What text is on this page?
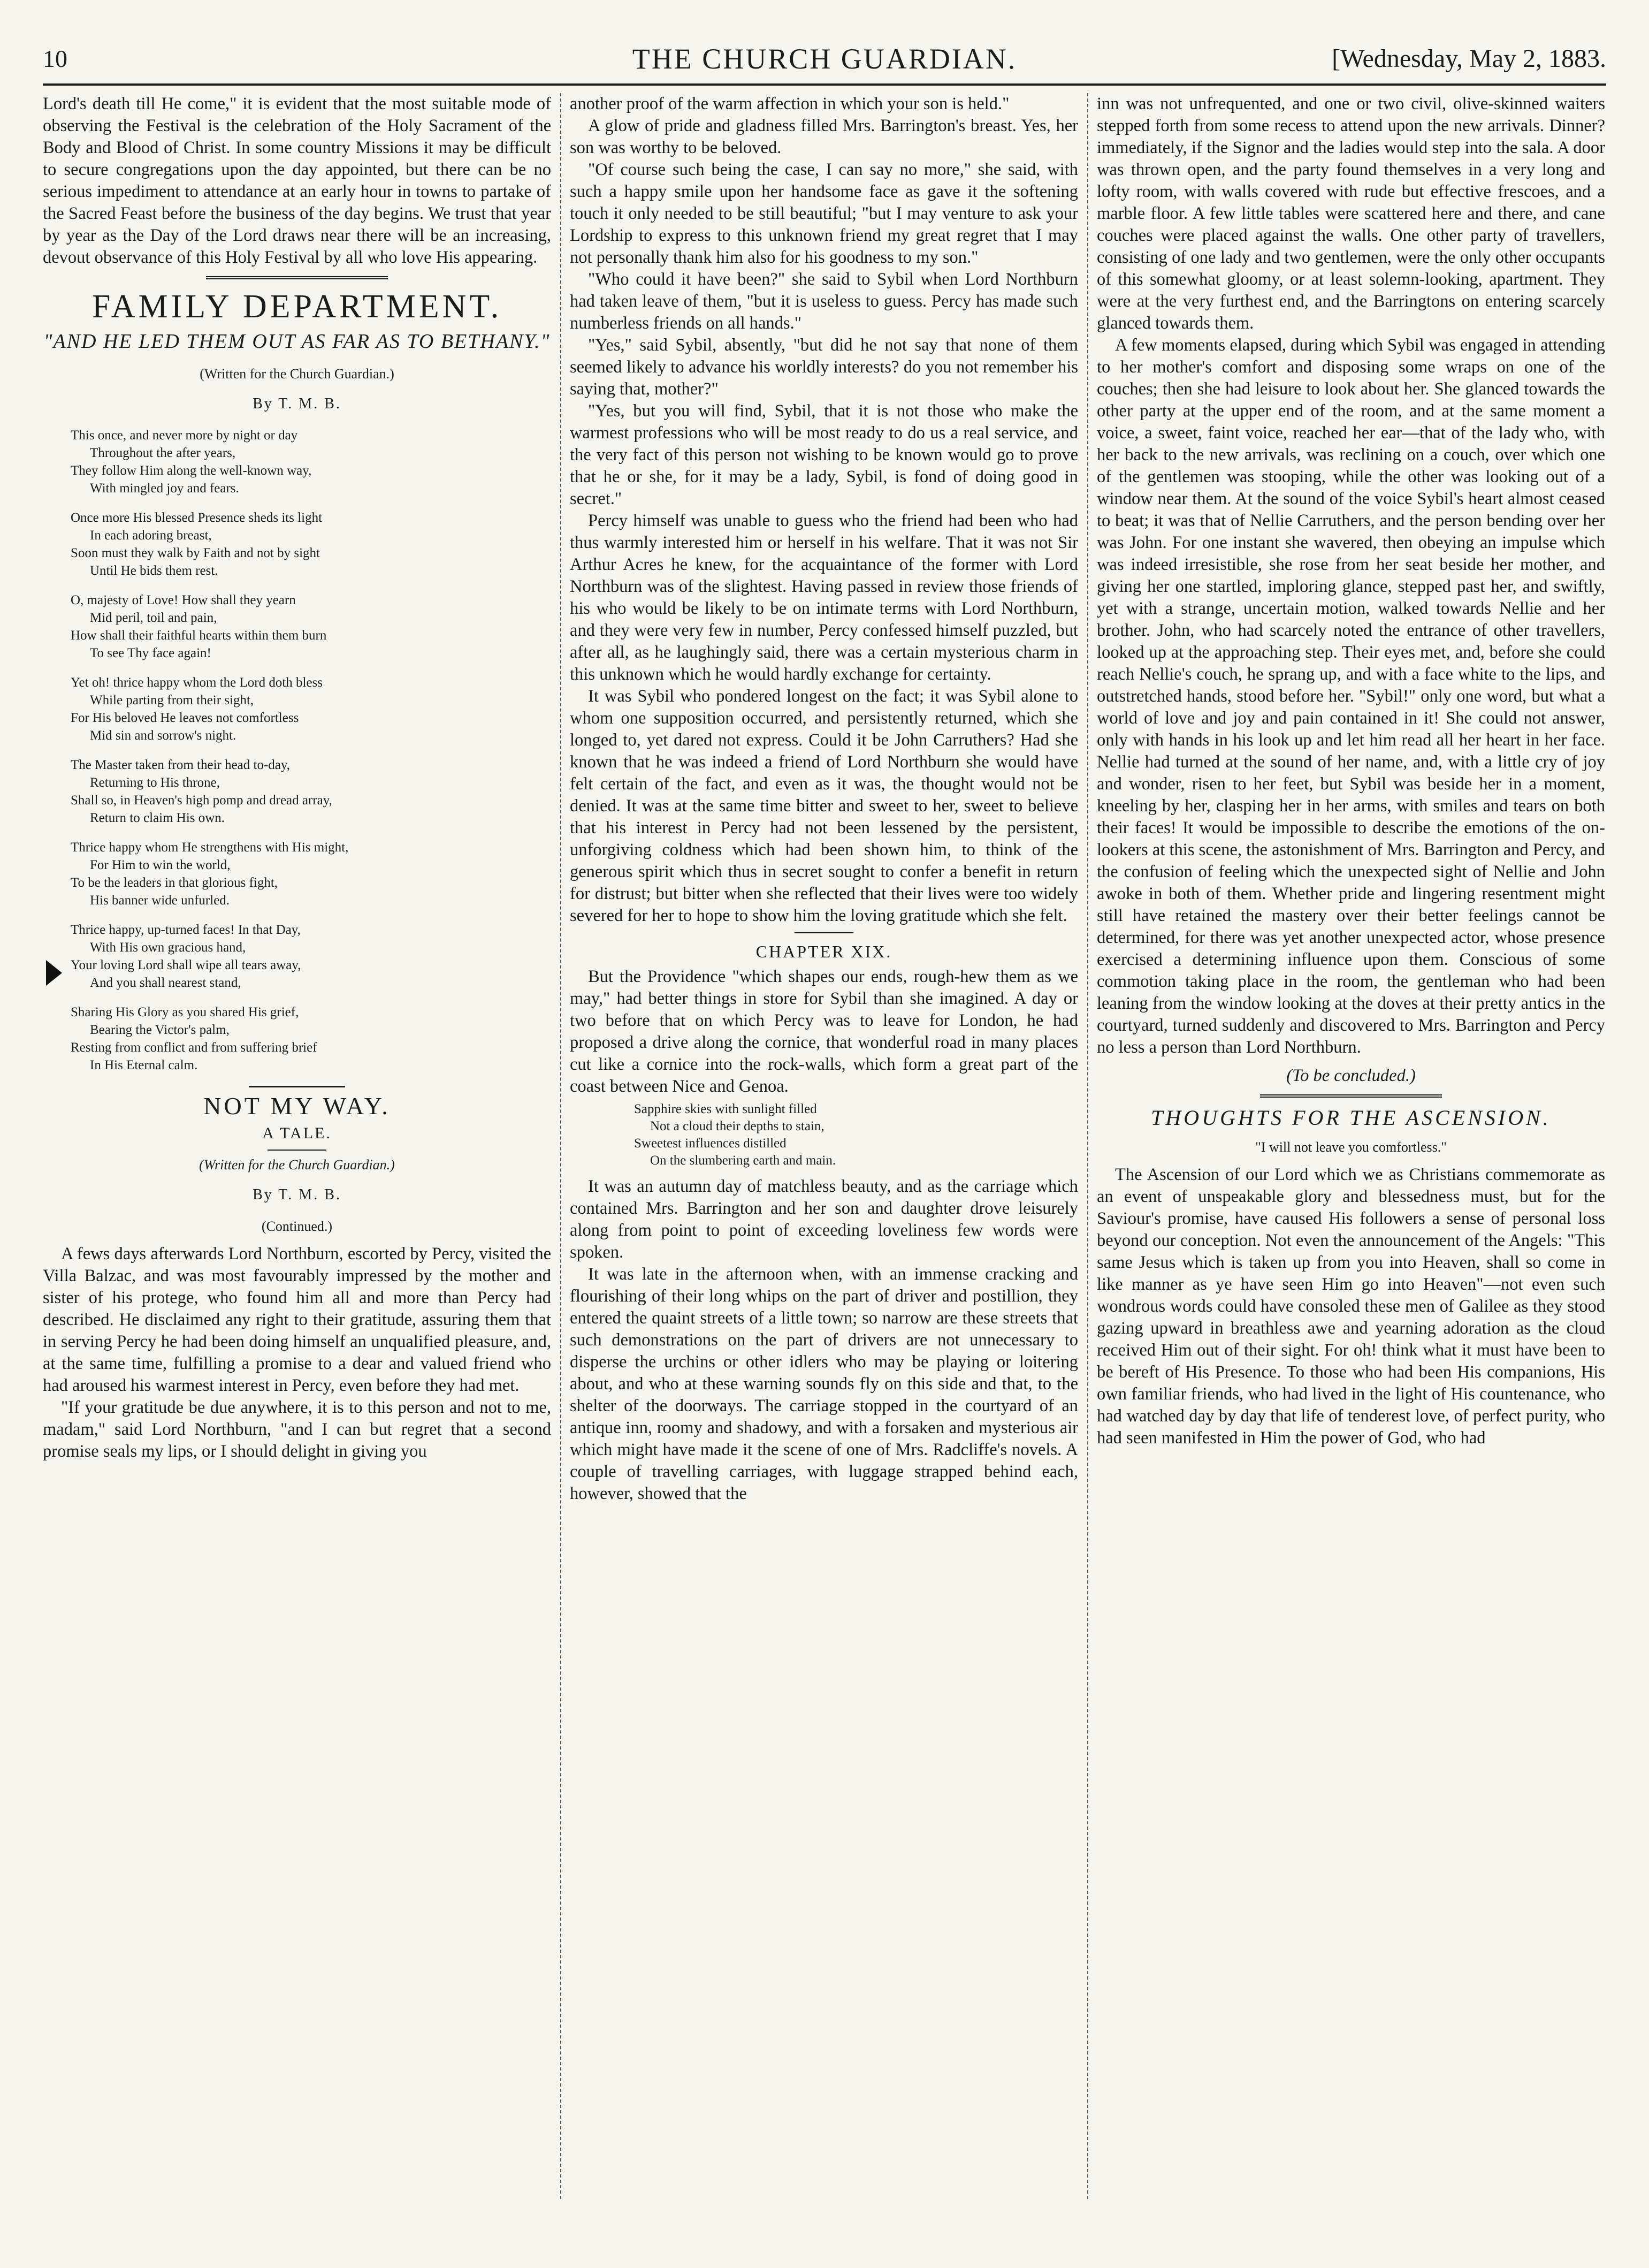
10	THE CHURCH GUARDIAN.	[Wednesday, May 2, 1883.

Lord's death till He come," it is evident that the most suitable mode of observing the Festival is the celebration of the Holy Sacrament of the Body and Blood of Christ. In some country Missions it may be difficult to secure congregations upon the day appointed, but there can be no serious impediment to attendance at an early hour in towns to partake of the Sacred Feast before the business of the day begins. We trust that year by year as the Day of the Lord draws near there will be an increasing, devout observance of this Holy Festival by all who love His appearing.

FAMILY DEPARTMENT.
"AND HE LED THEM OUT AS FAR AS TO BETHANY."
(Written for the Church Guardian.)
By T. M. B.
This once, and never more by night or day
Throughout the after years,
They follow Him along the well-known way,
With mingled joy and fears.
Once more His blessed Presence sheds its light
In each adoring breast,
Soon must they walk by Faith and not by sight
Until He bids them rest.
O, majesty of Love! How shall they yearn
Mid peril, toil and pain,
How shall their faithful hearts within them burn
To see Thy face again!
Yet oh! thrice happy whom the Lord doth bless
While parting from their sight,
For His beloved He leaves not comfortless
Mid sin and sorrow's night.
The Master taken from their head to-day,
Returning to His throne,
Shall so, in Heaven's high pomp and dread array,
Return to claim His own.
Thrice happy whom He strengthens with His might,
For Him to win the world,
To be the leaders in that glorious fight,
His banner wide unfurled.
Thrice happy, up-turned faces! In that Day,
With His own gracious hand,
Your loving Lord shall wipe all tears away,
And you shall nearest stand,
Sharing His Glory as you shared His grief,
Bearing the Victor's palm,
Resting from conflict and from suffering brief
In His Eternal calm.
NOT MY WAY.
A TALE.
(Written for the Church Guardian.)
By T. M. B.
(Continued.)

A fews days afterwards Lord Northburn, escorted by Percy, visited the Villa Balzac, and was most favourably impressed by the mother and sister of his protege, who found him all and more than Percy had described. He disclaimed any right to their gratitude, assuring them that in serving Percy he had been doing himself an unqualified pleasure, and, at the same time, fulfilling a promise to a dear and valued friend who had aroused his warmest interest in Percy, even before they had met.

"If your gratitude be due anywhere, it is to this person and not to me, madam," said Lord Northburn, "and I can but regret that a second promise seals my lips, or I should delight in giving you

another proof of the warm affection in which your son is held."

A glow of pride and gladness filled Mrs. Barrington's breast. Yes, her son was worthy to be beloved.

"Of course such being the case, I can say no more," she said, with such a happy smile upon her handsome face as gave it the softening touch it only needed to be still beautiful; "but I may venture to ask your Lordship to express to this unknown friend my great regret that I may not personally thank him also for his goodness to my son."

"Who could it have been?" she said to Sybil when Lord Northburn had taken leave of them, "but it is useless to guess. Percy has made such numberless friends on all hands."

"Yes," said Sybil, absently, "but did he not say that none of them seemed likely to advance his worldly interests? do you not remember his saying that, mother?"

"Yes, but you will find, Sybil, that it is not those who make the warmest professions who will be most ready to do us a real service, and the very fact of this person not wishing to be known would go to prove that he or she, for it may be a lady, Sybil, is fond of doing good in secret."

Percy himself was unable to guess who the friend had been who had thus warmly interested him or herself in his welfare. That it was not Sir Arthur Acres he knew, for the acquaintance of the former with Lord Northburn was of the slightest. Having passed in review those friends of his who would be likely to be on intimate terms with Lord Northburn, and they were very few in number, Percy confessed himself puzzled, but after all, as he laughingly said, there was a certain mysterious charm in this unknown which he would hardly exchange for certainty.

It was Sybil who pondered longest on the fact; it was Sybil alone to whom one supposition occurred, and persistently returned, which she longed to, yet dared not express. Could it be John Carruthers? Had she known that he was indeed a friend of Lord Northburn she would have felt certain of the fact, and even as it was, the thought would not be denied. It was at the same time bitter and sweet to her, sweet to believe that his interest in Percy had not been lessened by the persistent, unforgiving coldness which had been shown him, to think of the generous spirit which thus in secret sought to confer a benefit in return for distrust; but bitter when she reflected that their lives were too widely severed for her to hope to show him the loving gratitude which she felt.

CHAPTER XIX.

But the Providence "which shapes our ends, rough-hew them as we may," had better things in store for Sybil than she imagined. A day or two before that on which Percy was to leave for London, he had proposed a drive along the cornice, that wonderful road in many places cut like a cornice into the rock-walls, which form a great part of the coast between Nice and Genoa.

Sapphire skies with sunlight filled
Not a cloud their depths to stain,
Sweetest influences distilled
On the slumbering earth and main.

It was an autumn day of matchless beauty, and as the carriage which contained Mrs. Barrington and her son and daughter drove leisurely along from point to point of exceeding loveliness few words were spoken.

It was late in the afternoon when, with an immense cracking and flourishing of their long whips on the part of driver and postillion, they entered the quaint streets of a little town; so narrow are these streets that such demonstrations on the part of drivers are not unnecessary to disperse the urchins or other idlers who may be playing or loitering about, and who at these warning sounds fly on this side and that, to the shelter of the doorways. The carriage stopped in the courtyard of an antique inn, roomy and shadowy, and with a forsaken and mysterious air which might have made it the scene of one of Mrs. Radcliffe's novels. A couple of travelling carriages, with luggage strapped behind each, however, showed that the

inn was not unfrequented, and one or two civil, olive-skinned waiters stepped forth from some recess to attend upon the new arrivals. Dinner? immediately, if the Signor and the ladies would step into the sala. A door was thrown open, and the party found themselves in a very long and lofty room, with walls covered with rude but effective frescoes, and a marble floor. A few little tables were scattered here and there, and cane couches were placed against the walls. One other party of travellers, consisting of one lady and two gentlemen, were the only other occupants of this somewhat gloomy, or at least solemn-looking, apartment. They were at the very furthest end, and the Barringtons on entering scarcely glanced towards them.

A few moments elapsed, during which Sybil was engaged in attending to her mother's comfort and disposing some wraps on one of the couches; then she had leisure to look about her. She glanced towards the other party at the upper end of the room, and at the same moment a voice, a sweet, faint voice, reached her ear—that of the lady who, with her back to the new arrivals, was reclining on a couch, over which one of the gentlemen was stooping, while the other was looking out of a window near them. At the sound of the voice Sybil's heart almost ceased to beat; it was that of Nellie Carruthers, and the person bending over her was John. For one instant she wavered, then obeying an impulse which was indeed irresistible, she rose from her seat beside her mother, and giving her one startled, imploring glance, stepped past her, and swiftly, yet with a strange, uncertain motion, walked towards Nellie and her brother. John, who had scarcely noted the entrance of other travellers, looked up at the approaching step. Their eyes met, and, before she could reach Nellie's couch, he sprang up, and with a face white to the lips, and outstretched hands, stood before her. "Sybil!" only one word, but what a world of love and joy and pain contained in it! She could not answer, only with hands in his look up and let him read all her heart in her face. Nellie had turned at the sound of her name, and, with a little cry of joy and wonder, risen to her feet, but Sybil was beside her in a moment, kneeling by her, clasping her in her arms, with smiles and tears on both their faces! It would be impossible to describe the emotions of the on-lookers at this scene, the astonishment of Mrs. Barrington and Percy, and the confusion of feeling which the unexpected sight of Nellie and John awoke in both of them. Whether pride and lingering resentment might still have retained the mastery over their better feelings cannot be determined, for there was yet another unexpected actor, whose presence exercised a determining influence upon them. Conscious of some commotion taking place in the room, the gentleman who had been leaning from the window looking at the doves at their pretty antics in the courtyard, turned suddenly and discovered to Mrs. Barrington and Percy no less a person than Lord Northburn.

(To be concluded.)
THOUGHTS FOR THE ASCENSION.
"I will not leave you comfortless."

The Ascension of our Lord which we as Christians commemorate as an event of unspeakable glory and blessedness must, but for the Saviour's promise, have caused His followers a sense of personal loss beyond our conception. Not even the announcement of the Angels: "This same Jesus which is taken up from you into Heaven, shall so come in like manner as ye have seen Him go into Heaven"—not even such wondrous words could have consoled these men of Galilee as they stood gazing upward in breathless awe and yearning adoration as the cloud received Him out of their sight. For oh! think what it must have been to be bereft of His Presence. To those who had been His companions, His own familiar friends, who had lived in the light of His countenance, who had watched day by day that life of tenderest love, of perfect purity, who had seen manifested in Him the power of God, who had
